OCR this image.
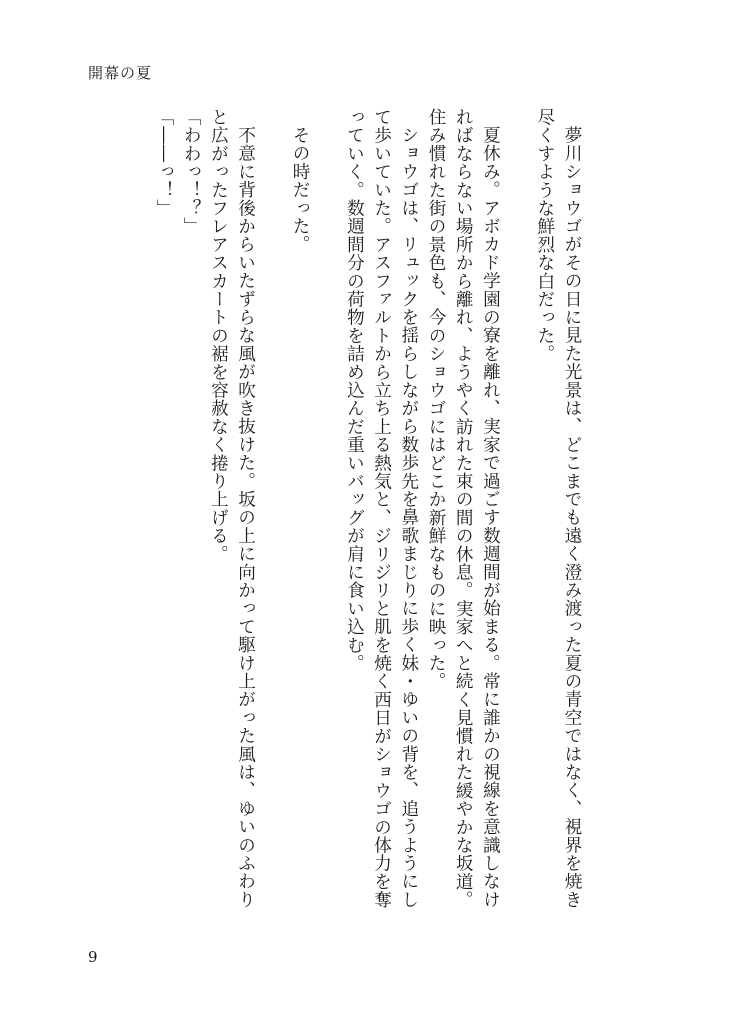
開幕の夏

夢川ショウゴがその日に見た光景は、どこまでも遠く澄み渡った夏の青空ではなく、視界を焼き尽くすような鮮烈な白だった。

夏休み。アボカド学園の寮を離れ、実家で過ごす数週間が始まる。常に誰かの視線を意識しなければならない場所から離れ、ようやく訪れた束の間の休息。実家へと続く見慣れた緩やかな坂道。住み慣れた街の景色も、今のショウゴにはどこか新鮮なものに映った。

ショウゴは、リュックを揺らしながら数歩先を鼻歌まじりに歩く妹・ゆいの背を、追うようにして歩いていた。アスファルトから立ち上る熱気と、ジリジリと肌を焼く西日がショウゴの体力を奪っていく。数週間分の荷物を詰め込んだ重いバッグが肩に食い込む。

その時だった。

不意に背後からいたずらな風が吹き抜けた。坂の上に向かって駆け上がった風は、ゆいのふわりと広がったフレアスカートの裾を容赦なく捲り上げる。

「わわっ！？」

「――っ！」

9
